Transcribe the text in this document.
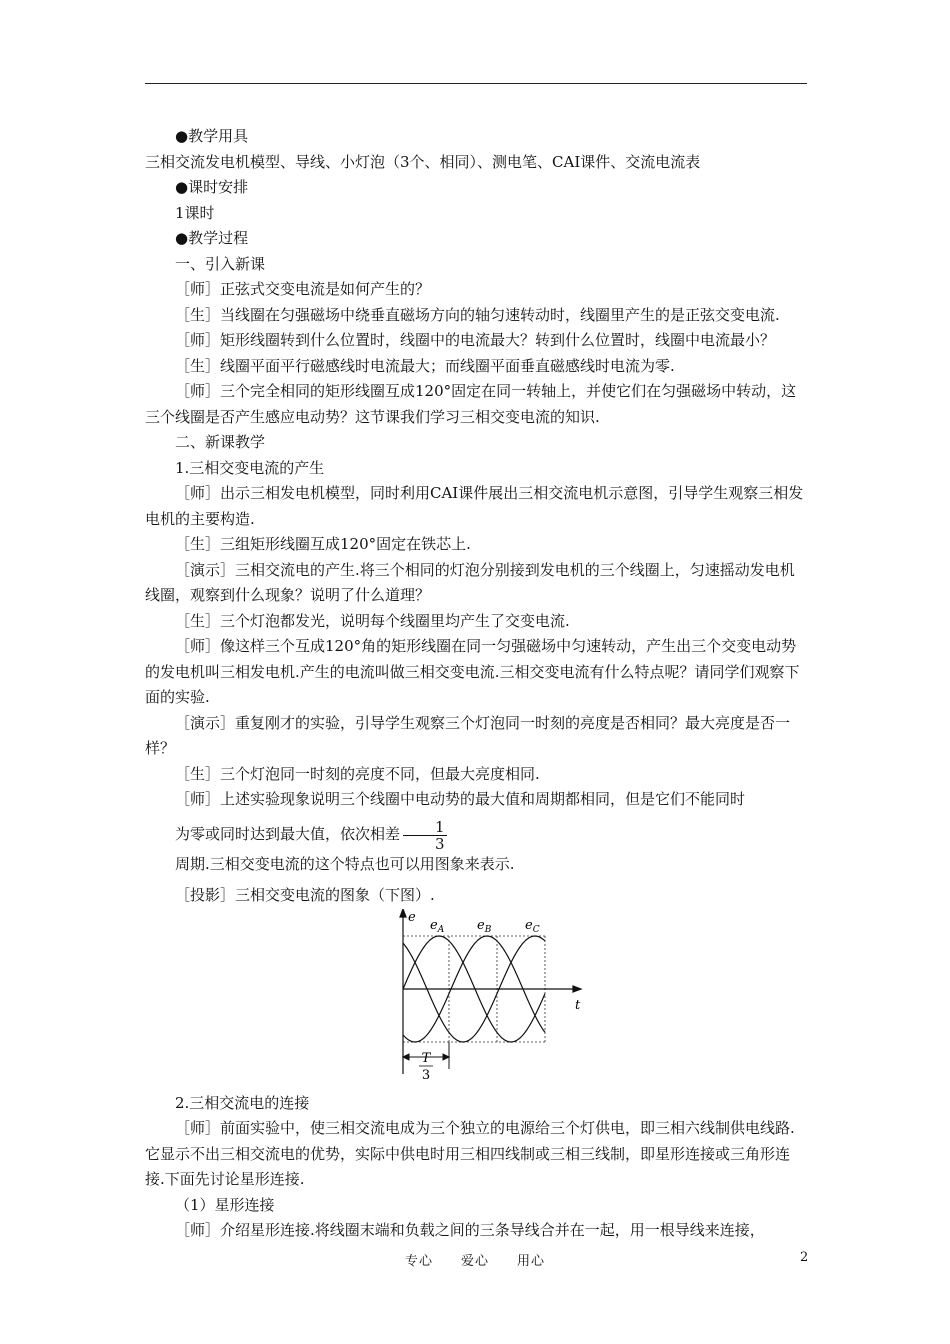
●教学用具

三相交流发电机模型、导线、小灯泡（3个、相同）、测电笔、CAI课件、交流电流表

●课时安排

1课时

●教学过程

一、引入新课

［师］正弦式交变电流是如何产生的？

［生］当线圈在匀强磁场中绕垂直磁场方向的轴匀速转动时，线圈里产生的是正弦交变电流.

［师］矩形线圈转到什么位置时，线圈中的电流最大？转到什么位置时，线圈中电流最小？

［生］线圈平面平行磁感线时电流最大；而线圈平面垂直磁感线时电流为零.

［师］三个完全相同的矩形线圈互成120°固定在同一转轴上，并使它们在匀强磁场中转动，这三个线圈是否产生感应电动势？这节课我们学习三相交变电流的知识.

二、新课教学

1.三相交变电流的产生

［师］出示三相发电机模型，同时利用CAI课件展出三相交流电机示意图，引导学生观察三相发电机的主要构造.

［生］三组矩形线圈互成120°固定在铁芯上.

［演示］三相交流电的产生.将三个相同的灯泡分别接到发电机的三个线圈上，匀速摇动发电机线圈，观察到什么现象？说明了什么道理？

［生］三个灯泡都发光，说明每个线圈里均产生了交变电流.

［师］像这样三个互成120°角的矩形线圈在同一匀强磁场中匀速转动，产生出三个交变电动势的发电机叫三相发电机.产生的电流叫做三相交变电流.三相交变电流有什么特点呢？请同学们观察下面的实验.

［演示］重复刚才的实验，引导学生观察三个灯泡同一时刻的亮度是否相同？最大亮度是否一样？

［生］三个灯泡同一时刻的亮度不同，但最大亮度相同.

［师］上述实验现象说明三个线圈中电动势的最大值和周期都相同，但是它们不能同时

为零或同时达到最大值，依次相差 $\frac{1}{3}$
周期.三相交变电流的这个特点也可以用图象来表示.

［投影］三相交变电流的图象（下图）.

e
t
$e_A$	$e_B$	$e_C$
T
3

2.三相交流电的连接

［师］前面实验中，使三相交流电成为三个独立的电源给三个灯供电，即三相六线制供电线路.它显示不出三相交流电的优势，实际中供电时用三相四线制或三相三线制，即星形连接或三角形连接.下面先讨论星形连接.

（1）星形连接

［师］介绍星形连接.将线圈末端和负载之间的三条导线合并在一起，用一根导线来连接，

专心　　爱心　　用心	2
